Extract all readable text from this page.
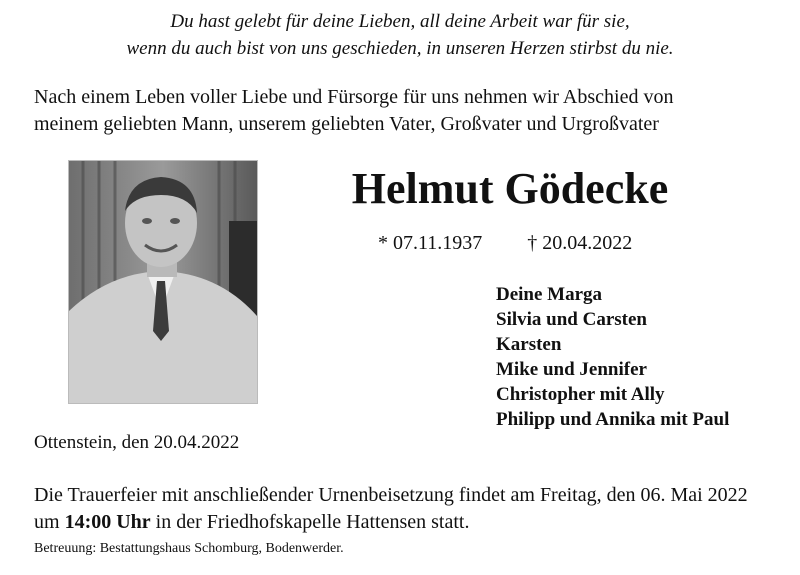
Du hast gelebt für deine Lieben, all deine Arbeit war für sie,
wenn du auch bist von uns geschieden, in unseren Herzen stirbst du nie.
Nach einem Leben voller Liebe und Fürsorge für uns nehmen wir Abschied von
meinem geliebten Mann, unserem geliebten Vater, Großvater und Urgroßvater
Helmut Gödecke
* 07.11.1937 † 20.04.2022
Deine Marga
Silvia und Carsten
Karsten
Mike und Jennifer
Christopher mit Ally
Philipp und Annika mit Paul
Ottenstein, den 20.04.2022
Die Trauerfeier mit anschließender Urnenbeisetzung findet am Freitag, den 06. Mai 2022 um 14:00 Uhr in der Friedhofskapelle Hattensen statt.
Betreuung: Bestattungshaus Schomburg, Bodenwerder.
